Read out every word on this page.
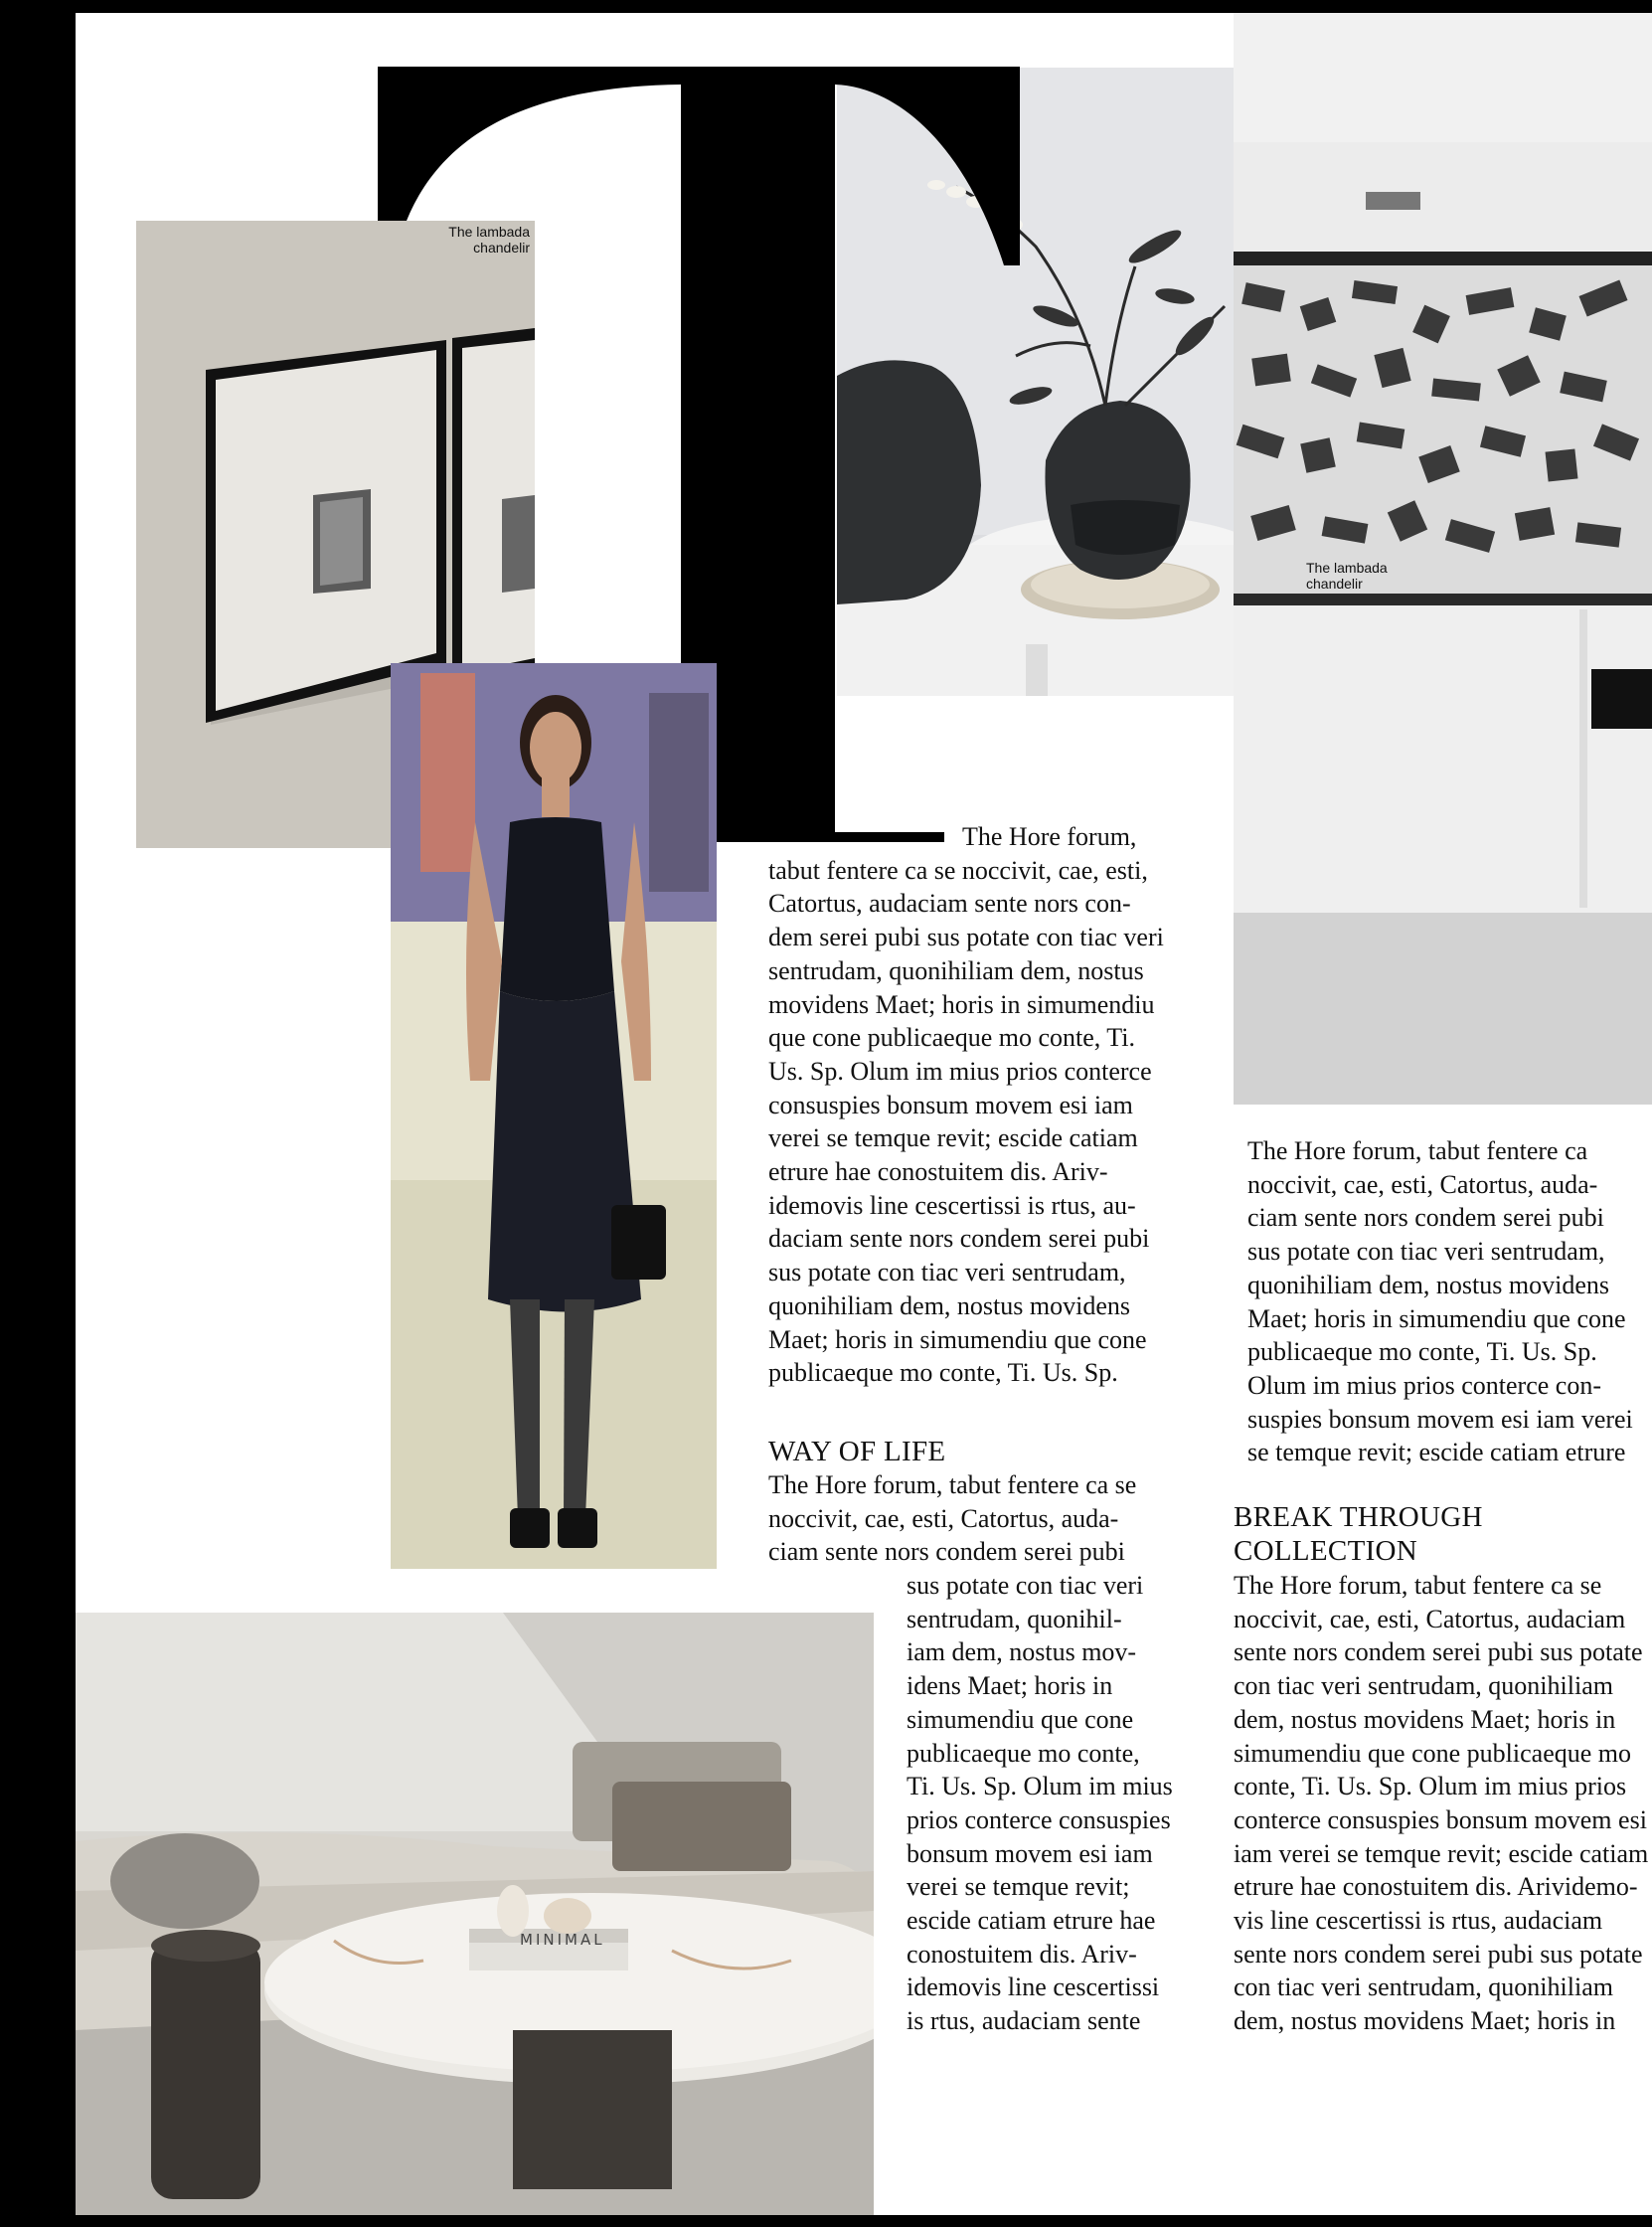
The lambada
chandelir
The lambada
chandelir
MINIMAL

The Hore forum,

tabut fentere ca se noccivit, cae, esti,

Catortus, audaciam sente nors con-

dem serei pubi sus potate con tiac veri

sentrudam, quonihiliam dem, nostus

movidens Maet; horis in simumendiu

que cone publicaeque mo conte, Ti.

Us. Sp. Olum im mius prios conterce

consuspies bonsum movem esi iam

verei se temque revit; escide catiam

etrure hae conostuitem dis. Ariv-

idemovis line cescertissi is rtus, au-

daciam sente nors condem serei pubi

sus potate con tiac veri sentrudam,

quonihiliam dem, nostus movidens

Maet; horis in simumendiu que cone

publicaeque mo conte, Ti. Us. Sp.

WAY OF LIFE

The Hore forum, tabut fentere ca se

noccivit, cae, esti, Catortus, auda-

ciam sente nors condem serei pubi

sus potate con tiac veri

sentrudam, quonihil-

iam dem, nostus mov-

idens Maet; horis in

simumendiu que cone

publicaeque mo conte,

Ti. Us. Sp. Olum im mius

prios conterce consuspies

bonsum movem esi iam

verei se temque revit;

escide catiam etrure hae

conostuitem dis. Ariv-

idemovis line cescertissi

is rtus, audaciam sente

The Hore forum, tabut fentere ca

noccivit, cae, esti, Catortus, auda-

ciam sente nors condem serei pubi

sus potate con tiac veri sentrudam,

quonihiliam dem, nostus movidens

Maet; horis in simumendiu que cone

publicaeque mo conte, Ti. Us. Sp.

Olum im mius prios conterce con-

suspies bonsum movem esi iam verei

se temque revit; escide catiam etrure

BREAK THROUGH
COLLECTION

The Hore forum, tabut fentere ca se

noccivit, cae, esti, Catortus, audaciam

sente nors condem serei pubi sus potate

con tiac veri sentrudam, quonihiliam

dem, nostus movidens Maet; horis in

simumendiu que cone publicaeque mo

conte, Ti. Us. Sp. Olum im mius prios

conterce consuspies bonsum movem esi

iam verei se temque revit; escide catiam

etrure hae conostuitem dis. Arividemo-

vis line cescertissi is rtus, audaciam

sente nors condem serei pubi sus potate

con tiac veri sentrudam, quonihiliam

dem, nostus movidens Maet; horis in
